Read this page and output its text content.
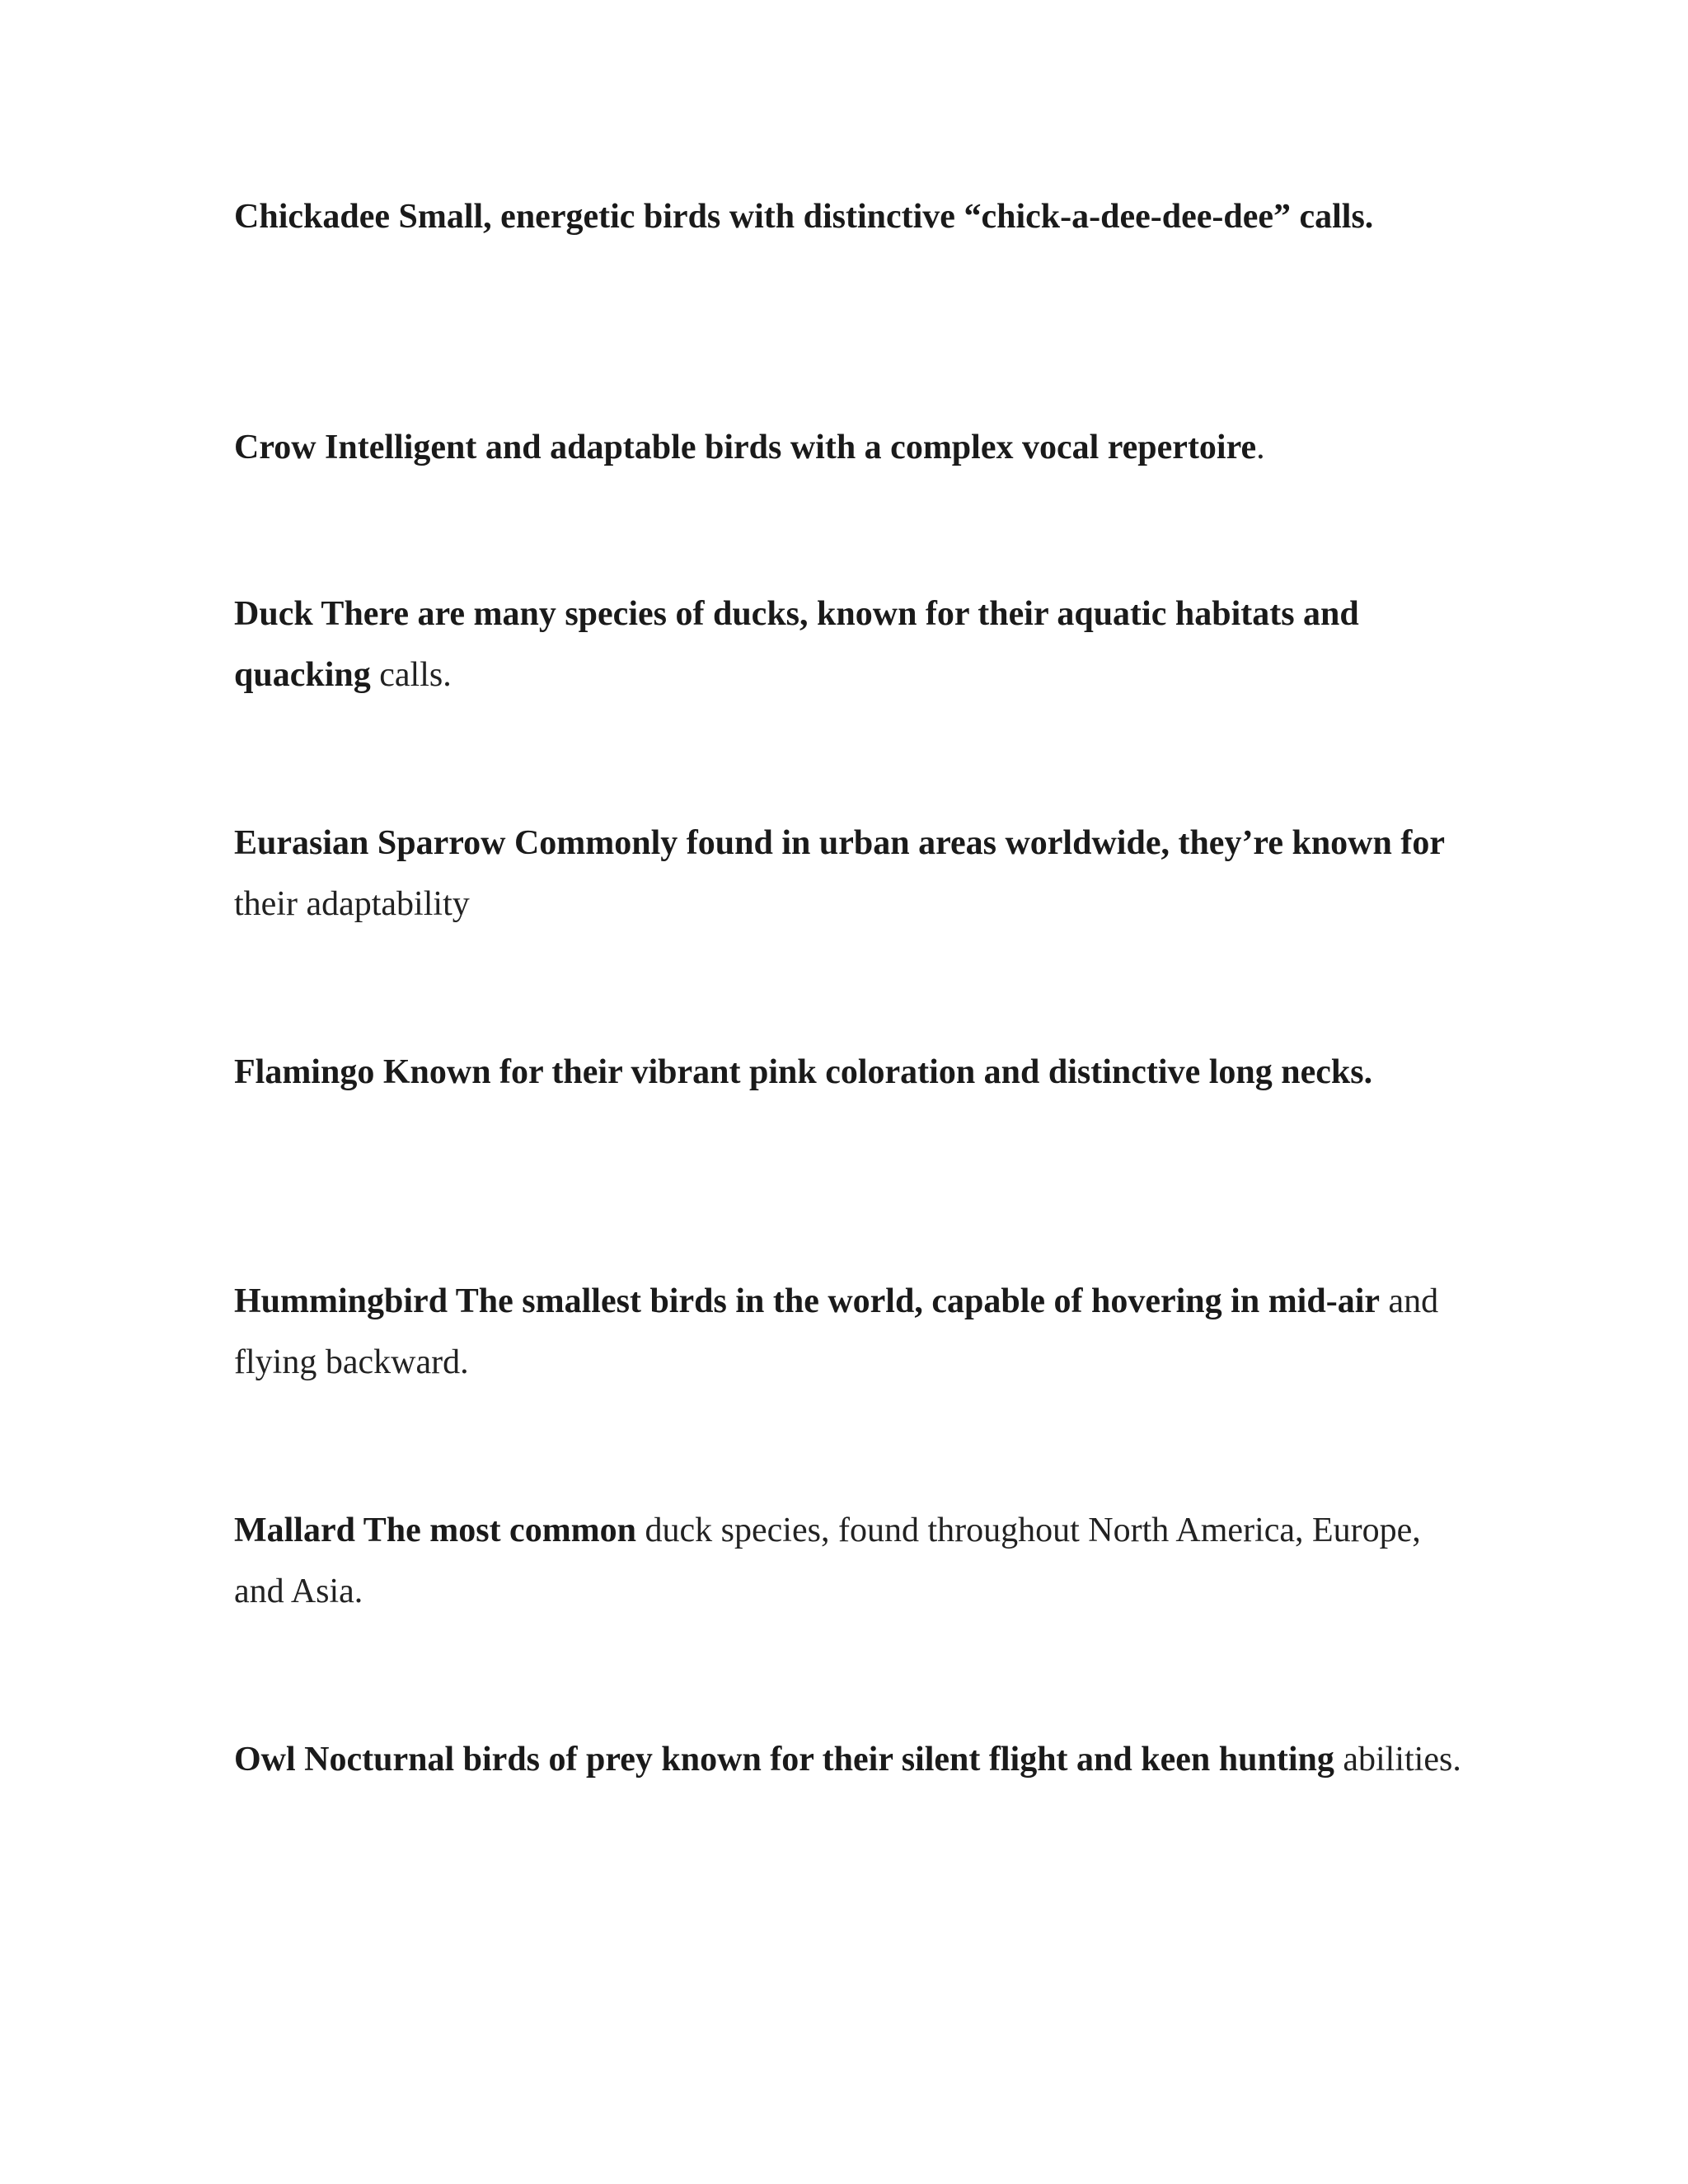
Chickadee Small, energetic birds with distinctive “chick-a-dee-dee-dee” calls.

Crow Intelligent and adaptable birds with a complex vocal repertoire.

Duck There are many species of ducks, known for their aquatic habitats and quacking calls.

Eurasian Sparrow Commonly found in urban areas worldwide, they’re known for their adaptability

Flamingo Known for their vibrant pink coloration and distinctive long necks.

Hummingbird The smallest birds in the world, capable of hovering in mid-air and flying backward.

Mallard The most common duck species, found throughout North America, Europe, and Asia.

Owl Nocturnal birds of prey known for their silent flight and keen hunting abilities.
